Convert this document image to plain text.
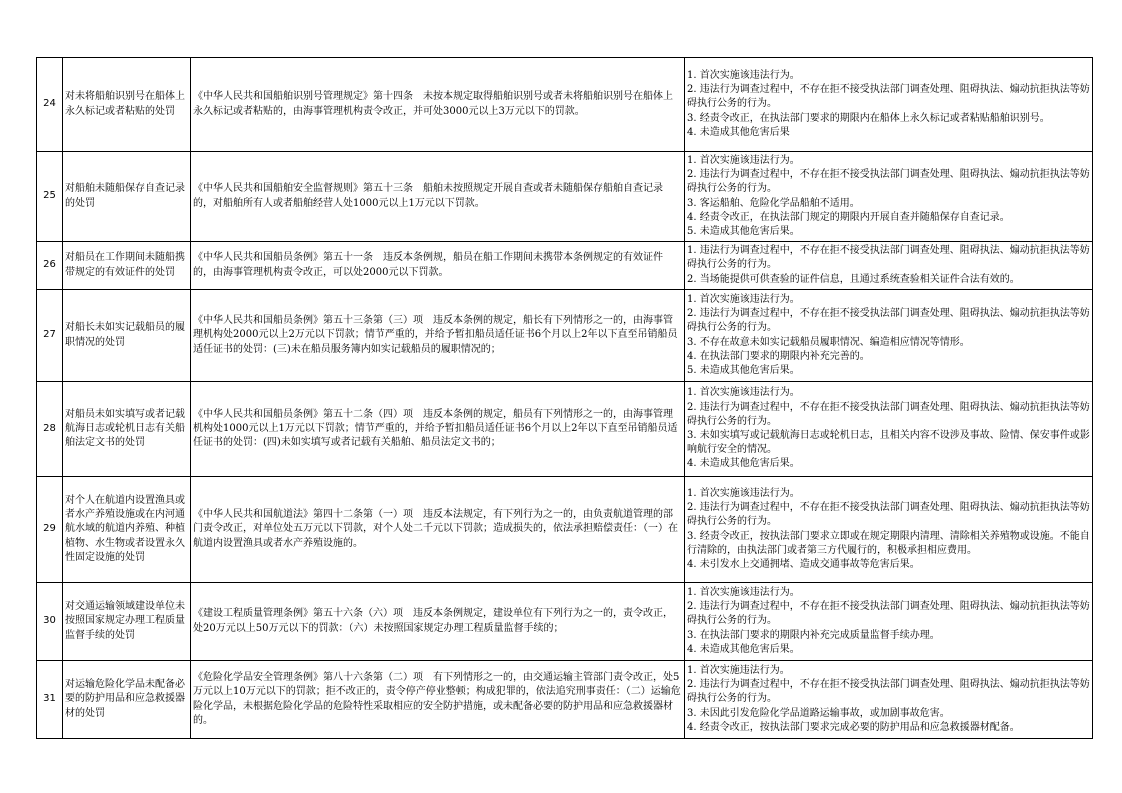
24	对未将船舶识别号在船体上永久标记或者粘贴的处罚	《中华人民共和国船舶识别号管理规定》第十四条　未按本规定取得船舶识别号或者未将船舶识别号在船体上永久标记或者粘贴的，由海事管理机构责令改正，并可处3000元以上3万元以下的罚款。	1. 首次实施该违法行为。
2. 违法行为调查过程中，不存在拒不接受执法部门调查处理、阻碍执法、煽动抗拒执法等妨碍执行公务的行为。
3. 经责令改正，在执法部门要求的期限内在船体上永久标记或者粘贴船舶识别号。
4. 未造成其他危害后果

25	对船舶未随船保存自查记录的处罚	《中华人民共和国船舶安全监督规则》第五十三条　船舶未按照规定开展自查或者未随船保存船舶自查记录的，对船舶所有人或者船舶经营人处1000元以上1万元以下罚款。	1. 首次实施该违法行为。
2. 违法行为调查过程中，不存在拒不接受执法部门调查处理、阻碍执法、煽动抗拒执法等妨碍执行公务的行为。
3. 客运船舶、危险化学品船舶不适用。
4. 经责令改正，在执法部门规定的期限内开展自查并随船保存自查记录。
5. 未造成其他危害后果。

26	对船员在工作期间未随船携带规定的有效证件的处罚	《中华人民共和国船员条例》第五十一条　违反本条例规，船员在船工作期间未携带本条例规定的有效证件的，由海事管理机构责令改正，可以处2000元以下罚款。	1. 违法行为调查过程中，不存在拒不接受执法部门调查处理、阻碍执法、煽动抗拒执法等妨碍执行公务的行为。
2. 当场能提供可供查验的证件信息，且通过系统查验相关证件合法有效的。

27	对船长未如实记载船员的履职情况的处罚	《中华人民共和国船员条例》第五十三条第（三）项　违反本条例的规定，船长有下列情形之一的，由海事管理机构处2000元以上2万元以下罚款；情节严重的，并给予暂扣船员适任证书6个月以上2年以下直至吊销船员适任证书的处罚：(三)未在船员服务簿内如实记载船员的履职情况的；	1. 首次实施该违法行为。
2. 违法行为调查过程中，不存在拒不接受执法部门调查处理、阻碍执法、煽动抗拒执法等妨碍执行公务的行为。
3. 不存在故意未如实记载船员履职情况、编造相应情况等情形。
4. 在执法部门要求的期限内补充完善的。
5. 未造成其他危害后果。

28	对船员未如实填写或者记载航海日志或轮机日志有关船舶法定文书的处罚	《中华人民共和国船员条例》第五十二条（四）项　违反本条例的规定，船员有下列情形之一的，由海事管理机构处1000元以上1万元以下罚款；情节严重的，并给予暂扣船员适任证书6个月以上2年以下直至吊销船员适任证书的处罚：(四)未如实填写或者记载有关船舶、船员法定文书的；	1. 首次实施该违法行为。
2. 违法行为调查过程中，不存在拒不接受执法部门调查处理、阻碍执法、煽动抗拒执法等妨碍执行公务的行为。
3. 未如实填写或记载航海日志或轮机日志，且相关内容不设涉及事故、险情、保安事件或影响航行安全的情况。
4. 未造成其他危害后果。

29	对个人在航道内设置渔具或者水产养殖设施或在内河通航水域的航道内养殖、种植植物、水生物或者设置永久性固定设施的处罚	《中华人民共和国航道法》第四十二条第（一）项　违反本法规定，有下列行为之一的，由负责航道管理的部门责令改正，对单位处五万元以下罚款，对个人处二千元以下罚款；造成损失的，依法承担赔偿责任：（一）在航道内设置渔具或者水产养殖设施的。	1. 首次实施该违法行为。
2. 违法行为调查过程中，不存在拒不接受执法部门调查处理、阻碍执法、煽动抗拒执法等妨碍执行公务的行为。
3. 经责令改正，按执法部门要求立即或在规定期限内清理、清除相关养殖物或设施。不能自行清除的，由执法部门或者第三方代履行的，积极承担相应费用。
4. 未引发水上交通拥堵、造成交通事故等危害后果。

30	对交通运输领域建设单位未按照国家规定办理工程质量监督手续的处罚	《建设工程质量管理条例》第五十六条（六）项　违反本条例规定，建设单位有下列行为之一的，责令改正，处20万元以上50万元以下的罚款：（六）未按照国家规定办理工程质量监督手续的；	1. 首次实施该违法行为。
2. 违法行为调查过程中，不存在拒不接受执法部门调查处理、阻碍执法、煽动抗拒执法等妨碍执行公务的行为。
3. 在执法部门要求的期限内补充完成质量监督手续办理。
4. 未造成其他危害后果。

31	对运输危险化学品未配备必要的防护用品和应急救援器材的处罚	《危险化学品安全管理条例》第八十六条第（二）项　有下列情形之一的，由交通运输主管部门责令改正，处5万元以上10万元以下的罚款；拒不改正的，责令停产停业整顿；构成犯罪的，依法追究刑事责任：（二）运输危险化学品，未根据危险化学品的危险特性采取相应的安全防护措施，或未配备必要的防护用品和应急救援器材的。	1. 首次实施违法行为。
2. 违法行为调查过程中，不存在拒不接受执法部门调查处理、阻碍执法、煽动抗拒执法等妨碍执行公务的行为。
3. 未因此引发危险化学品道路运输事故，或加剧事故危害。
4. 经责令改正，按执法部门要求完成必要的防护用品和应急救援器材配备。
